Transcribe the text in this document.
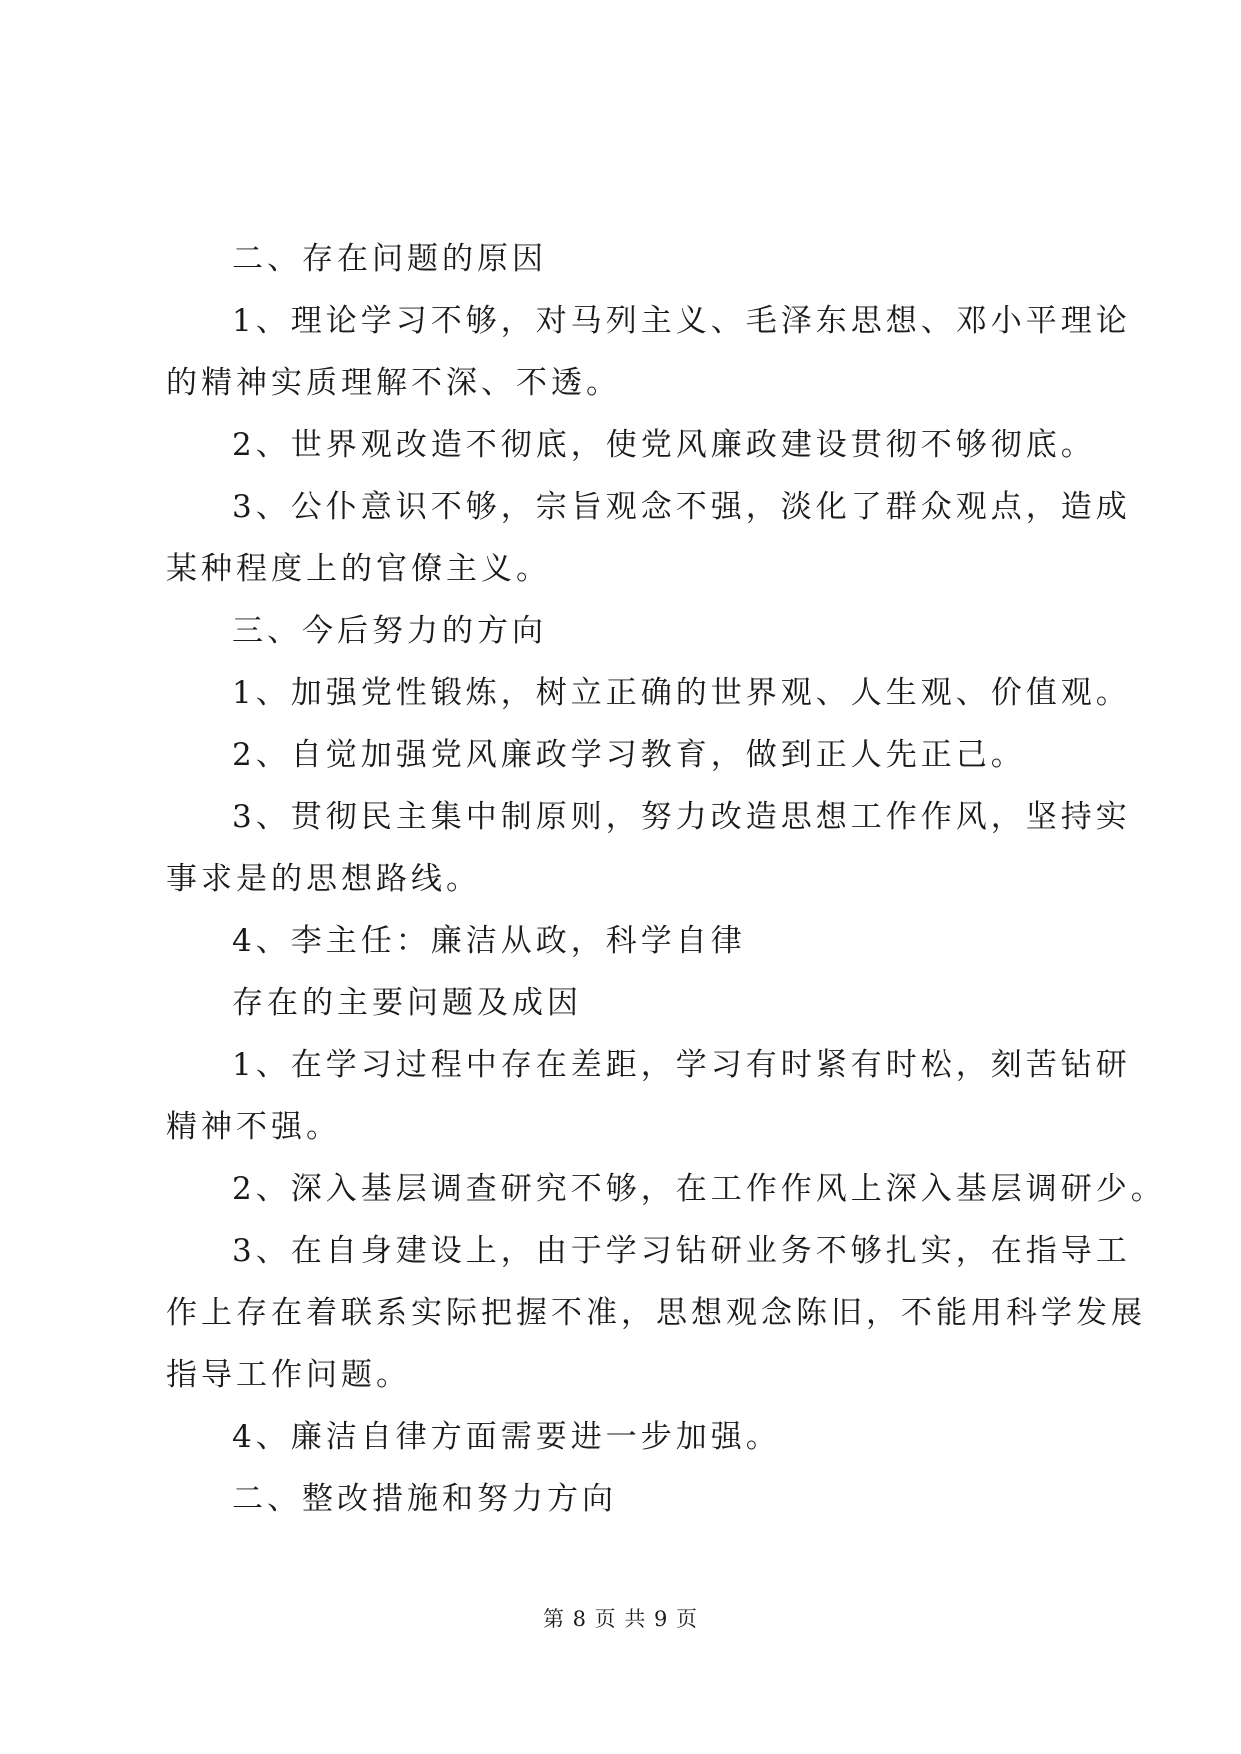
二、存在问题的原因

1、理论学习不够，对马列主义、毛泽东思想、邓小平理论

的精神实质理解不深、不透。

2、世界观改造不彻底，使党风廉政建设贯彻不够彻底。

3、公仆意识不够，宗旨观念不强，淡化了群众观点，造成

某种程度上的官僚主义。

三、今后努力的方向

1、加强党性锻炼，树立正确的世界观、人生观、价值观。

2、自觉加强党风廉政学习教育，做到正人先正己。

3、贯彻民主集中制原则，努力改造思想工作作风，坚持实

事求是的思想路线。

4、李主任：廉洁从政，科学自律

存在的主要问题及成因

1、在学习过程中存在差距，学习有时紧有时松，刻苦钻研

精神不强。

2、深入基层调查研究不够，在工作作风上深入基层调研少。

3、在自身建设上，由于学习钻研业务不够扎实，在指导工

作上存在着联系实际把握不准，思想观念陈旧，不能用科学发展

指导工作问题。

4、廉洁自律方面需要进一步加强。

二、整改措施和努力方向

第 8 页 共 9 页
